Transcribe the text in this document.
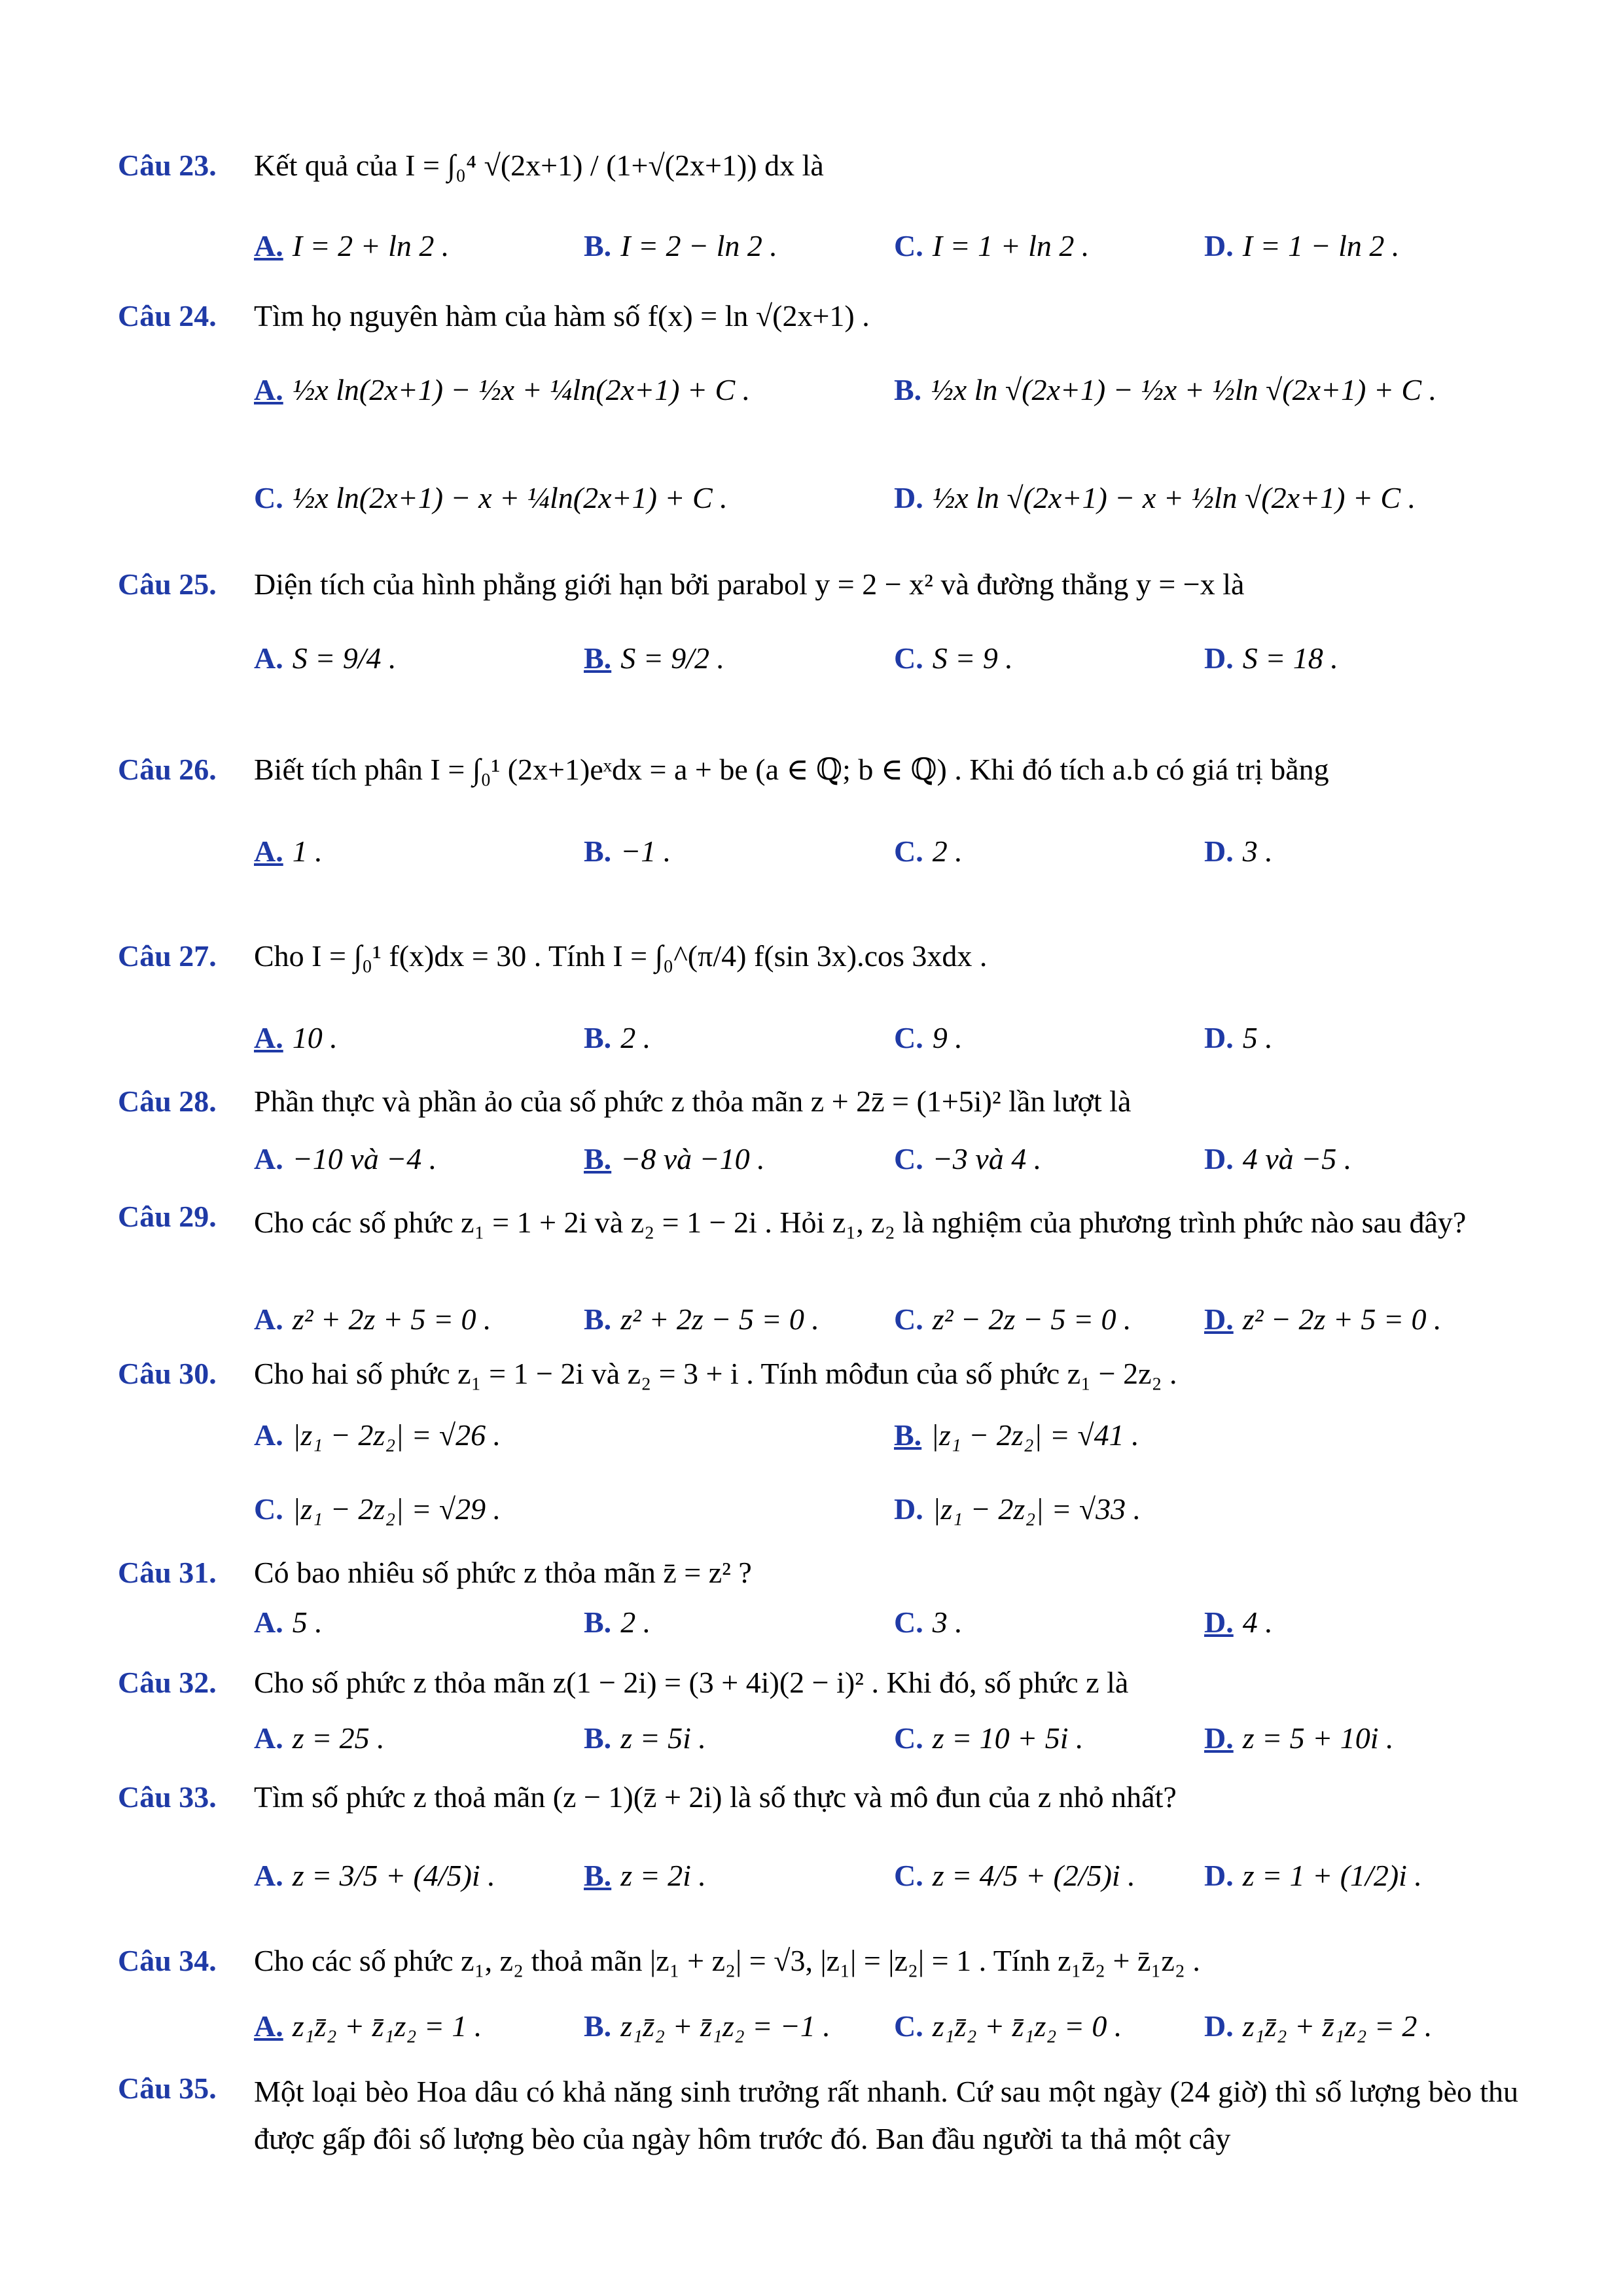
Câu 23. Kết quả của I = ∫₀⁴ √(2x+1) / (1+√(2x+1)) dx là
A. I = 2 + ln 2 .	B. I = 2 − ln 2 .	C. I = 1 + ln 2 .	D. I = 1 − ln 2 .
Câu 24. Tìm họ nguyên hàm của hàm số f(x) = ln √(2x+1) .
A. ½x ln(2x+1) − ½x + ¼ln(2x+1) + C .	B. ½x ln √(2x+1) − ½x + ½ln √(2x+1) + C .
C. ½x ln(2x+1) − x + ¼ln(2x+1) + C .	D. ½x ln √(2x+1) − x + ½ln √(2x+1) + C .
Câu 25. Diện tích của hình phẳng giới hạn bởi parabol y = 2 − x² và đường thẳng y = −x là
A. S = 9/4 .	B. S = 9/2 .	C. S = 9 .	D. S = 18 .
Câu 26. Biết tích phân I = ∫₀¹ (2x+1)eˣdx = a + be (a ∈ ℚ; b ∈ ℚ) . Khi đó tích a.b có giá trị bằng
A. 1 .	B. −1 .	C. 2 .	D. 3 .
Câu 27. Cho I = ∫₀¹ f(x)dx = 30 . Tính I = ∫₀^(π/4) f(sin 3x).cos 3xdx .
A. 10 .	B. 2 .	C. 9 .	D. 5 .
Câu 28. Phần thực và phần ảo của số phức z thỏa mãn z + 2z̄ = (1+5i)² lần lượt là
A. −10 và −4 .	B. −8 và −10 .	C. −3 và 4 .	D. 4 và −5 .
Câu 29. Cho các số phức z₁ = 1 + 2i và z₂ = 1 − 2i . Hỏi z₁, z₂ là nghiệm của phương trình phức nào sau đây?
A. z² + 2z + 5 = 0 .	B. z² + 2z − 5 = 0 . C. z² − 2z − 5 = 0 . D. z² − 2z + 5 = 0 .
Câu 30. Cho hai số phức z₁ = 1 − 2i và z₂ = 3 + i . Tính môđun của số phức z₁ − 2z₂ .
A. |z₁ − 2z₂| = √26 .	B. |z₁ − 2z₂| = √41 .
C. |z₁ − 2z₂| = √29 .	D. |z₁ − 2z₂| = √33 .
Câu 31. Có bao nhiêu số phức z thỏa mãn z̄ = z² ?
A. 5 .	B. 2 .	C. 3 .	D. 4 .
Câu 32. Cho số phức z thỏa mãn z(1 − 2i) = (3 + 4i)(2 − i)² . Khi đó, số phức z là
A. z = 25 .	B. z = 5i .	C. z = 10 + 5i .	D. z = 5 + 10i .
Câu 33. Tìm số phức z thoả mãn (z − 1)(z̄ + 2i) là số thực và mô đun của z nhỏ nhất?
A. z = 3/5 + (4/5)i .	B. z = 2i .	C. z = 4/5 + (2/5)i . D. z = 1 + (1/2)i .
Câu 34. Cho các số phức z₁, z₂ thoả mãn |z₁ + z₂| = √3, |z₁| = |z₂| = 1 . Tính z₁z̄₂ + z̄₁z₂ .
A. z₁z̄₂ + z̄₁z₂ = 1 .	B. z₁z̄₂ + z̄₁z₂ = −1 . C. z₁z̄₂ + z̄₁z₂ = 0 .	D. z₁z̄₂ + z̄₁z₂ = 2 .
Câu 35. Một loại bèo Hoa dâu có khả năng sinh trưởng rất nhanh. Cứ sau một ngày (24 giờ) thì số lượng bèo thu được gấp đôi số lượng bèo của ngày hôm trước đó. Ban đầu người ta thả một cây
